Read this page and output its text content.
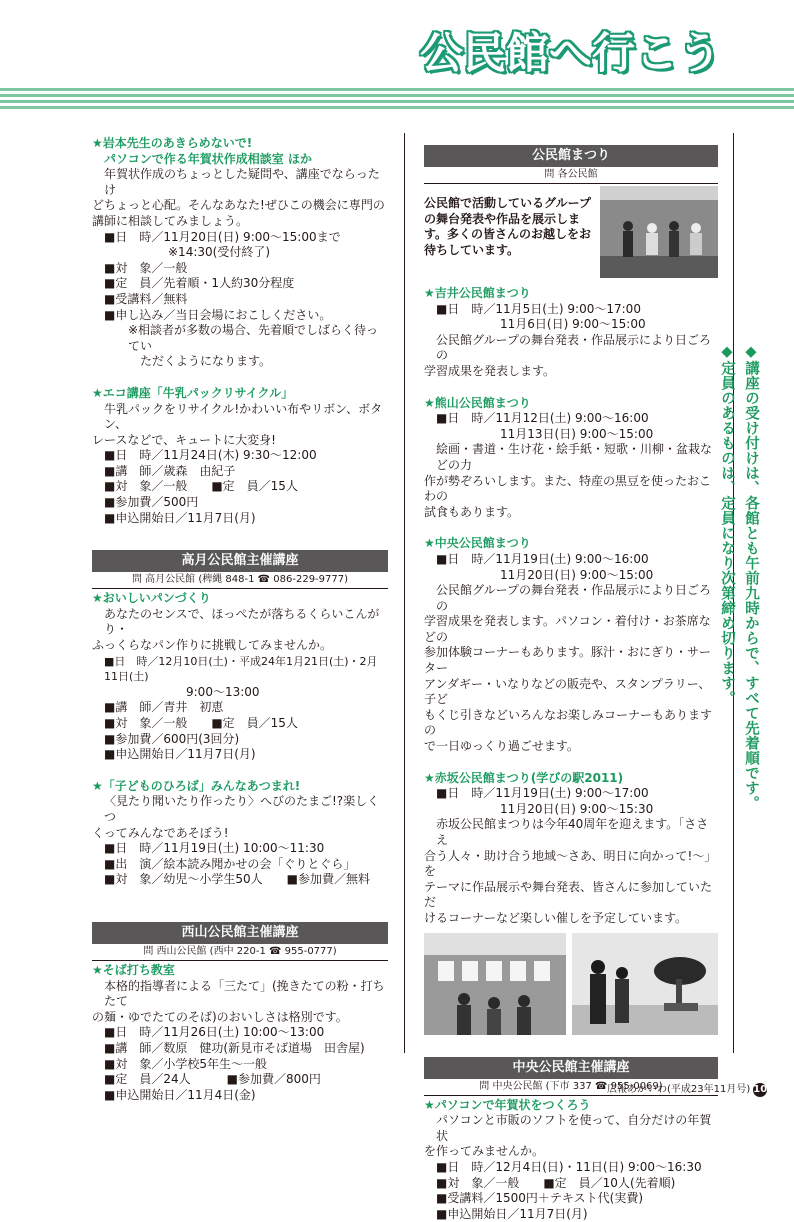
公民館へ行こう

★岩本先生のあきらめないで!

パソコンで作る年賀状作成相談室 ほか

年賀状作成のちょっとした疑問や、講座でならったけ

どちょっと心配。そんなあなた!ぜひこの機会に専門の

講師に相談してみましょう。

■日　時／11月20日(日) 9:00～15:00まで

※14:30(受付終了)

■対　象／一般

■定　員／先着順・1人約30分程度

■受講料／無料

■申し込み／当日会場におこしください。

※相談者が多数の場合、先着順でしばらく待ってい

ただくようになります。

★エコ講座「牛乳パックリサイクル」

牛乳パックをリサイクル!かわいい布やリボン、ボタン、

レースなどで、キュートに大変身!

■日　時／11月24日(木) 9:30～12:00

■講　師／歳森　由紀子

■対　象／一般　　■定　員／15人

■参加費／500円

■申込開始日／11月7日(月)

高月公民館主催講座
問 高月公民館 (稗縄 848-1 ☎ 086-229-9777)

★おいしいパンづくり

あなたのセンスで、ほっぺたが落ちるくらいこんがり・

ふっくらなパン作りに挑戦してみませんか。

■日　時／12月10日(土)・平成24年1月21日(土)・2月11日(土)

9:00～13:00

■講　師／青井　初恵

■対　象／一般　　■定　員／15人

■参加費／600円(3回分)

■申込開始日／11月7日(月)

★「子どものひろば」みんなあつまれ!

〈見たり聞いたり作ったり〉へびのたまご!?楽しくつ

くってみんなであそぼう!

■日　時／11月19日(土) 10:00～11:30

■出　演／絵本読み聞かせの会「ぐりとぐら」

■対　象／幼児～小学生50人　　■参加費／無料

西山公民館主催講座
問 西山公民館 (西中 220-1 ☎ 955-0777)

★そば打ち教室

本格的指導者による「三たて」(挽きたての粉・打ちたて

の麺・ゆでたてのそば)のおいしさは格別です。

■日　時／11月26日(土) 10:00～13:00

■講　師／数原　健功(新見市そば道場　田舎屋)

■対　象／小学校5年生～一般

■定　員／24人　　　■参加費／800円

■申込開始日／11月4日(金)

公民館まつり
問 各公民館

公民館で活動しているグループの舞台発表や作品を展示します。多くの皆さんのお越しをお待ちしています。

★吉井公民館まつり

■日　時／11月5日(土) 9:00～17:00

11月6日(日) 9:00～15:00

公民館グループの舞台発表・作品展示により日ごろの

学習成果を発表します。

★熊山公民館まつり

■日　時／11月12日(土) 9:00～16:00

11月13日(日) 9:00～15:00

絵画・書道・生け花・絵手紙・短歌・川柳・盆栽などの力

作が勢ぞろいします。また、特産の黒豆を使ったおこわの

試食もあります。

★中央公民館まつり

■日　時／11月19日(土) 9:00～16:00

11月20日(日) 9:00～15:00

公民館グループの舞台発表・作品展示により日ごろの

学習成果を発表します。パソコン・着付け・お茶席などの

参加体験コーナーもあります。豚汁・おにぎり・サーター

アンダギー・いなりなどの販売や、スタンプラリー、子ど

もくじ引きなどいろんなお楽しみコーナーもありますの

で一日ゆっくり過ごせます。

★赤坂公民館まつり(学びの駅2011)

■日　時／11月19日(土) 9:00～17:00

11月20日(日) 9:00～15:30

赤坂公民館まつりは今年40周年を迎えます。「ささえ

合う人々・助け合う地域～さあ、明日に向かって!～」を

テーマに作品展示や舞台発表、皆さんに参加していただ

けるコーナーなど楽しい催しを予定しています。

中央公民館主催講座
問 中央公民館 (下市 337 ☎ 955-0069)

★パソコンで年賀状をつくろう

パソコンと市販のソフトを使って、自分だけの年賀状

を作ってみませんか。

■日　時／12月4日(日)・11日(日) 9:00～16:30

■対　象／一般　　■定　員／10人(先着順)

■受講料／1500円＋テキスト代(実費)

■申込開始日／11月7日(月)

◆講座の受け付けは、各館とも午前九時からで、すべて先着順です。
◆定員のあるものは、定員になり次第締め切ります。
広報あかいわ(平成23年11月号) 10
